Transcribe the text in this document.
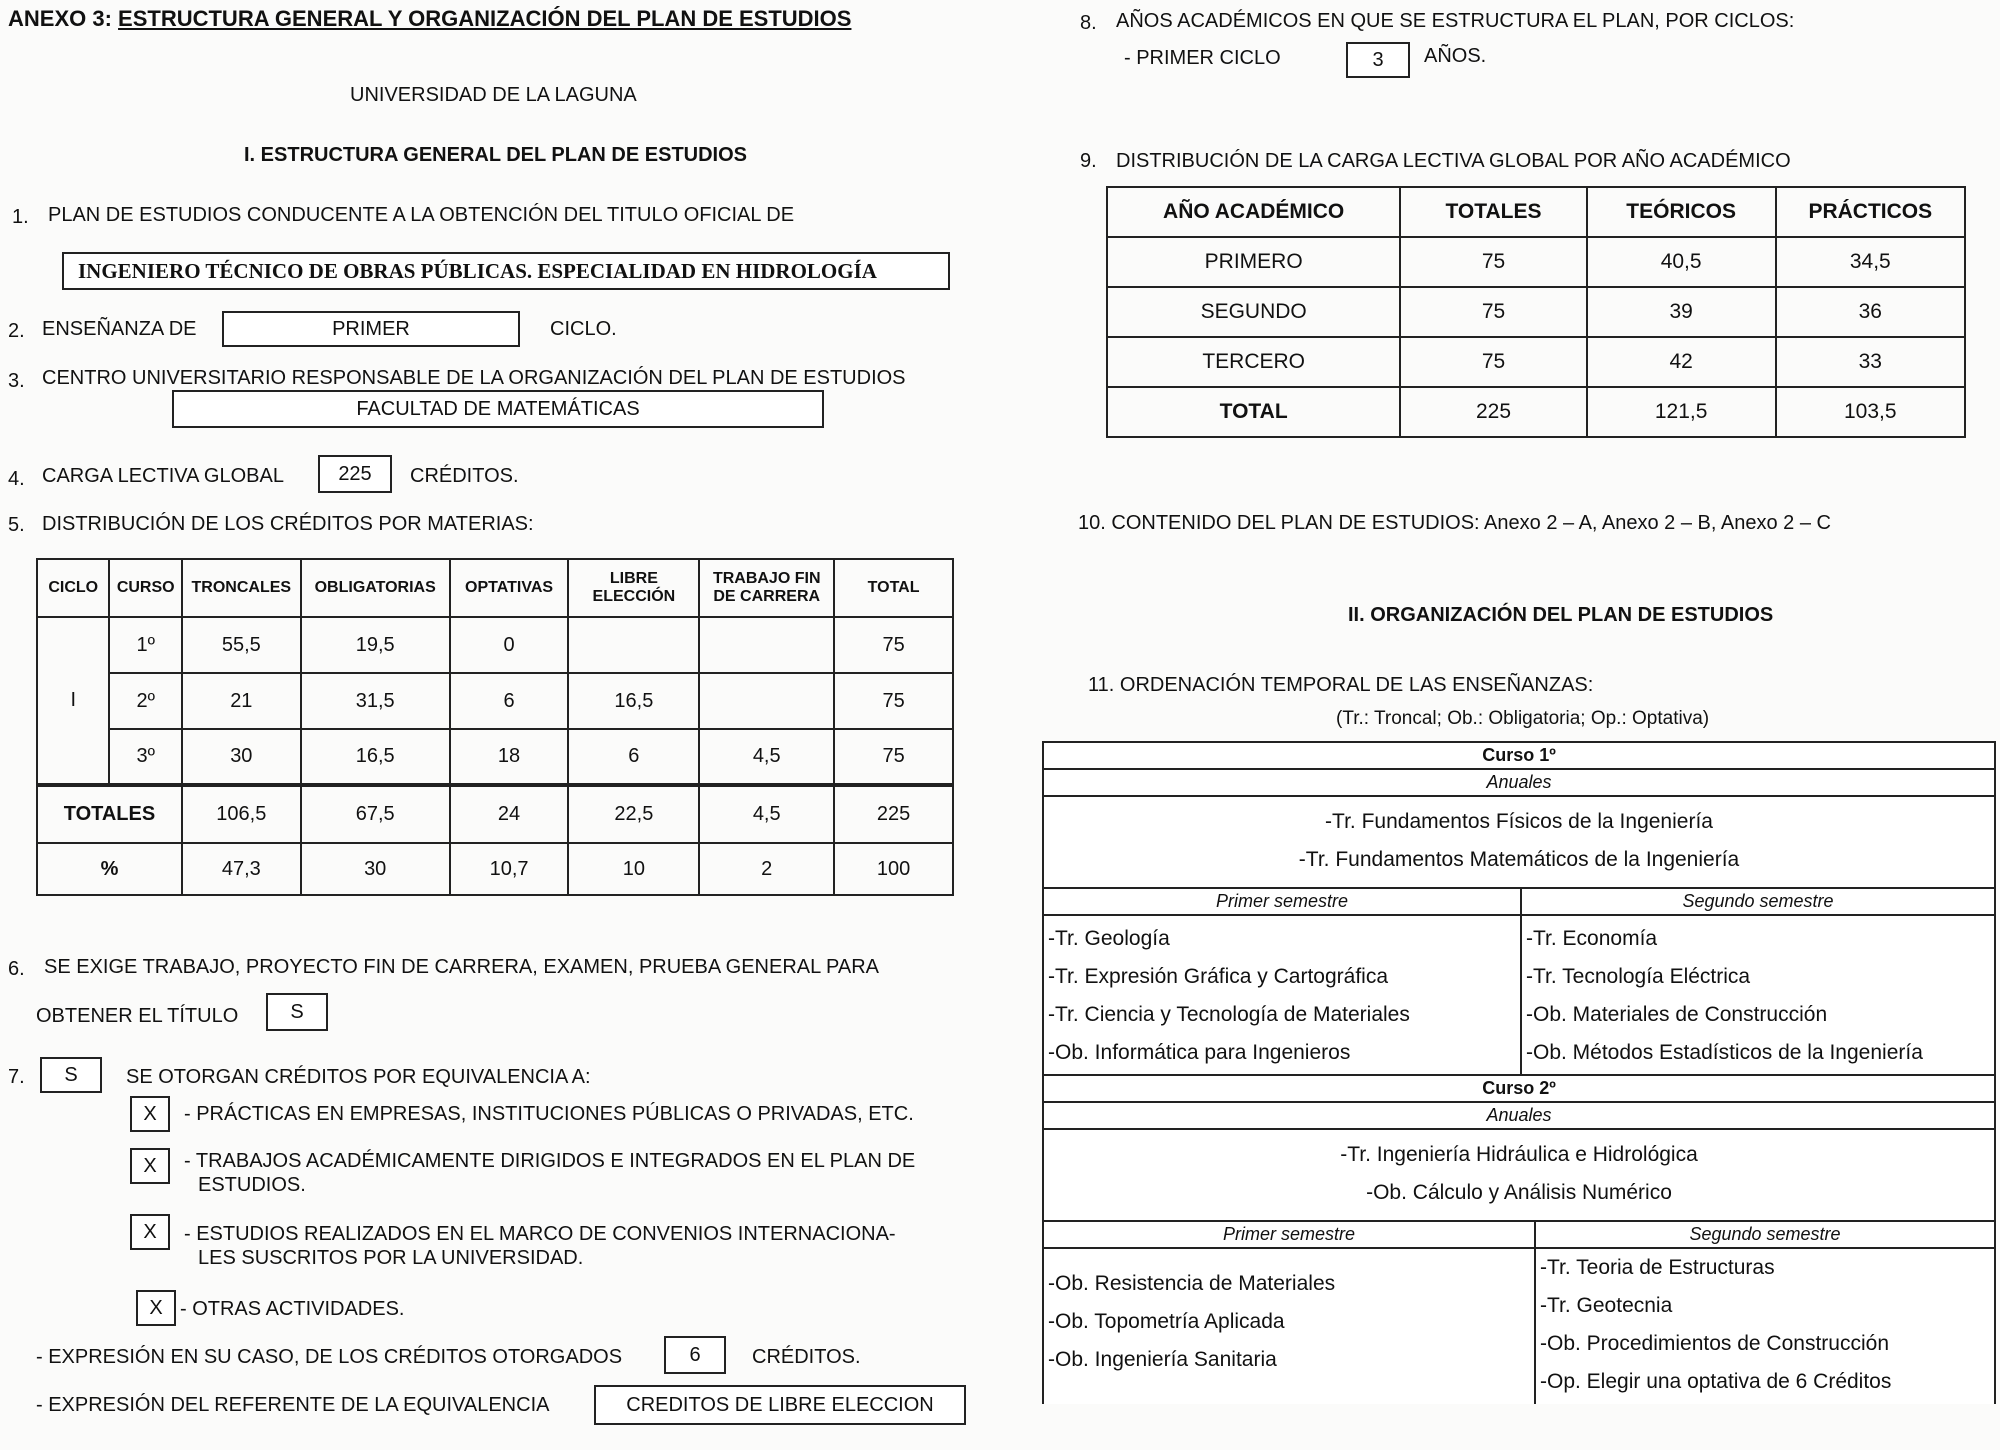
ANEXO 3: ESTRUCTURA GENERAL Y ORGANIZACIÓN DEL PLAN DE ESTUDIOS
UNIVERSIDAD DE LA LAGUNA
I. ESTRUCTURA GENERAL DEL PLAN DE ESTUDIOS
1. PLAN DE ESTUDIOS CONDUCENTE A LA OBTENCIÓN DEL TITULO OFICIAL DE
INGENIERO TÉCNICO DE OBRAS PÚBLICAS. ESPECIALIDAD EN HIDROLOGÍA
2. ENSEÑANZA DE	PRIMER	CICLO.
3. CENTRO UNIVERSITARIO RESPONSABLE DE LA ORGANIZACIÓN DEL PLAN DE ESTUDIOS
FACULTAD DE MATEMÁTICAS
4. CARGA LECTIVA GLOBAL	225	CRÉDITOS.
5. DISTRIBUCIÓN DE LOS CRÉDITOS POR MATERIAS:
CICLO	CURSO	TRONCALES	OBLIGATORIAS	OPTATIVAS	LIBRE ELECCIÓN	TRABAJO FIN DE CARRERA	TOTAL
I	1º	55,5	19,5	0			75
	2º	21	31,5	6	16,5		75
	3º	30	16,5	18	6	4,5	75
TOTALES		106,5	67,5	24	22,5	4,5	225
%		47,3	30	10,7	10	2	100
6. SE EXIGE TRABAJO, PROYECTO FIN DE CARRERA, EXAMEN, PRUEBA GENERAL PARA
OBTENER EL TÍTULO	S
7.	S	SE OTORGAN CRÉDITOS POR EQUIVALENCIA A:
X	- PRÁCTICAS EN EMPRESAS, INSTITUCIONES PÚBLICAS O PRIVADAS, ETC.
X	- TRABAJOS ACADÉMICAMENTE DIRIGIDOS E INTEGRADOS EN EL PLAN DE
ESTUDIOS.
X	- ESTUDIOS REALIZADOS EN EL MARCO DE CONVENIOS INTERNACIONA-
LES SUSCRITOS POR LA UNIVERSIDAD.
X - OTRAS ACTIVIDADES.
- EXPRESIÓN EN SU CASO, DE LOS CRÉDITOS OTORGADOS	6	CRÉDITOS.
- EXPRESIÓN DEL REFERENTE DE LA EQUIVALENCIA	CREDITOS DE LIBRE ELECCION
8. AÑOS ACADÉMICOS EN QUE SE ESTRUCTURA EL PLAN, POR CICLOS:
- PRIMER CICLO	3	AÑOS.
9. DISTRIBUCIÓN DE LA CARGA LECTIVA GLOBAL POR AÑO ACADÉMICO
AÑO ACADÉMICO	TOTALES	TEÓRICOS	PRÁCTICOS
PRIMERO	75	40,5	34,5
SEGUNDO	75	39	36
TERCERO	75	42	33
TOTAL	225	121,5	103,5
10. CONTENIDO DEL PLAN DE ESTUDIOS: Anexo 2 – A, Anexo 2 – B, Anexo 2 – C
II. ORGANIZACIÓN DEL PLAN DE ESTUDIOS
11. ORDENACIÓN TEMPORAL DE LAS ENSEÑANZAS:
(Tr.: Troncal; Ob.: Obligatoria; Op.: Optativa)
Curso 1º
Anuales
-Tr. Fundamentos Físicos de la Ingeniería
-Tr. Fundamentos Matemáticos de la Ingeniería
Primer semestre
-Tr. Geología
-Tr. Expresión Gráfica y Cartográfica
-Tr. Ciencia y Tecnología de Materiales
-Ob. Informática para Ingenieros
Segundo semestre
-Tr. Economía
-Tr. Tecnología Eléctrica
-Ob. Materiales de Construcción
-Ob. Métodos Estadísticos de la Ingeniería
Curso 2º
Anuales
-Tr. Ingeniería Hidráulica e Hidrológica
-Ob. Cálculo y Análisis Numérico
Primer semestre
-Ob. Resistencia de Materiales
-Ob. Topometría Aplicada
-Ob. Ingeniería Sanitaria
Segundo semestre
-Tr. Teoria de Estructuras
-Tr. Geotecnia
-Ob. Procedimientos de Construcción
-Op. Elegir una optativa de 6 Créditos
